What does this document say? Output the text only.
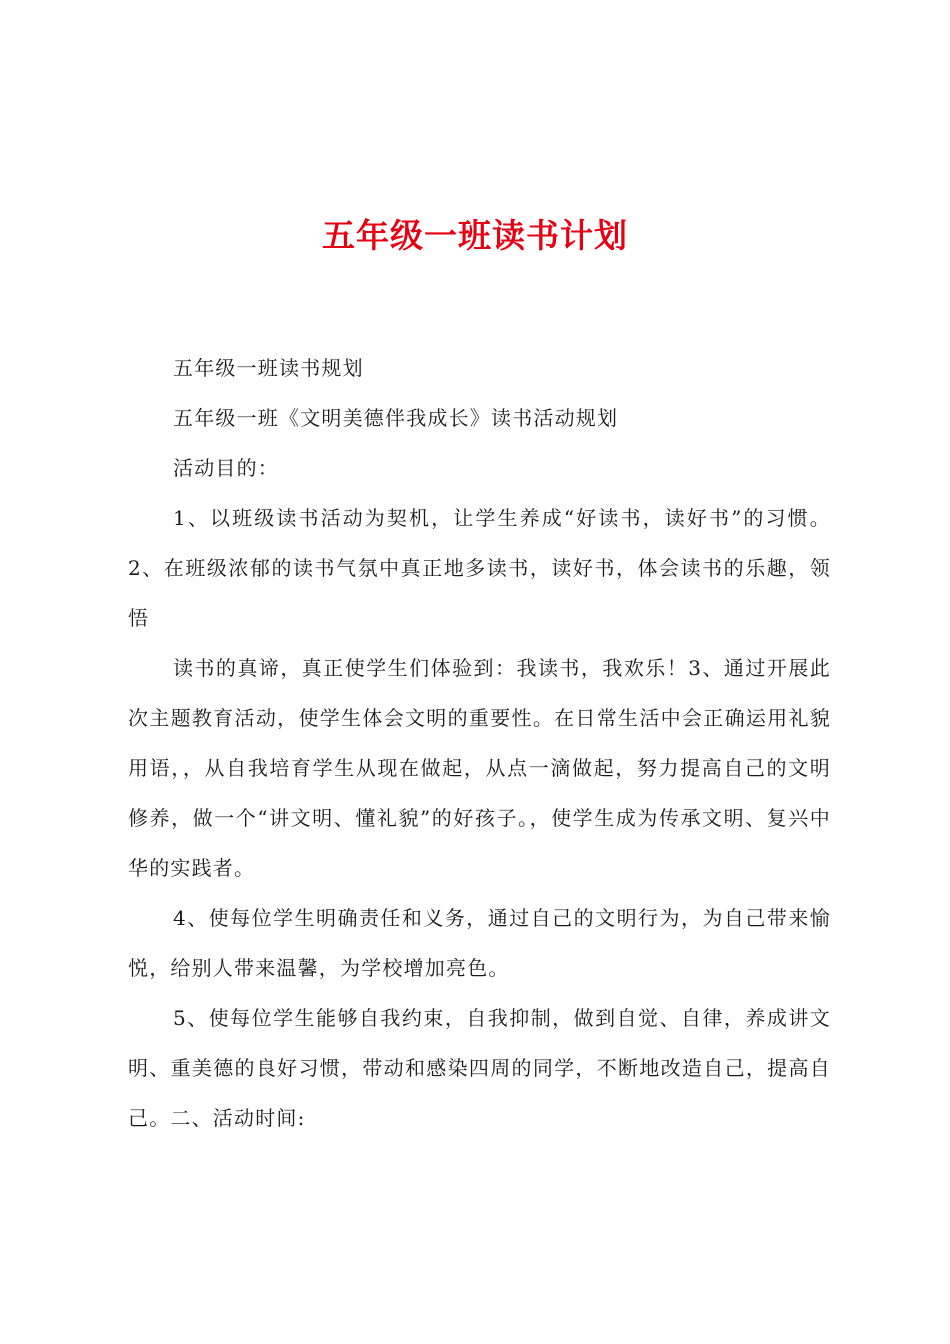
五年级一班读书计划

五年级一班读书规划

五年级一班《文明美德伴我成长》读书活动规划

活动目的：

1、以班级读书活动为契机，让学生养成“好读书，读好书”的习惯。2、在班级浓郁的读书气氛中真正地多读书，读好书，体会读书的乐趣，领悟

读书的真谛，真正使学生们体验到：我读书，我欢乐！3、通过开展此次主题教育活动，使学生体会文明的重要性。在日常生活中会正确运用礼貌用语，，从自我培育学生从现在做起，从点一滴做起，努力提高自己的文明修养，做一个“讲文明、懂礼貌”的好孩子。，使学生成为传承文明、复兴中华的实践者。

4、使每位学生明确责任和义务，通过自己的文明行为，为自己带来愉悦，给别人带来温馨，为学校增加亮色。

5、使每位学生能够自我约束，自我抑制，做到自觉、自律，养成讲文明、重美德的良好习惯，带动和感染四周的同学，不断地改造自己，提高自己。二、活动时间:
